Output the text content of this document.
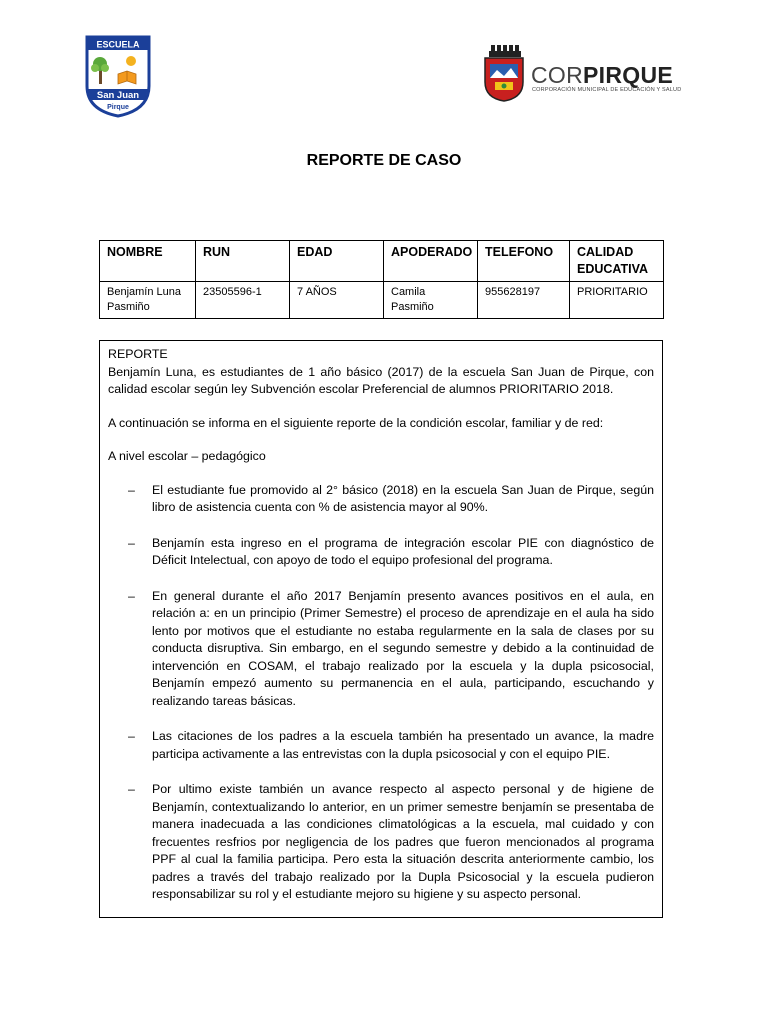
ESCUELA
San Juan
Pirque
CORPIRQUE
CORPORACIÓN MUNICIPAL DE EDUCACIÓN Y SALUD
REPORTE DE CASO
NOMBRE	RUN	EDAD	APODERADO	TELEFONO	CALIDAD EDUCATIVA
Benjamín Luna Pasmiño	23505596-1	7 AÑOS	Camila Pasmiño	955628197	PRIORITARIO

REPORTE

Benjamín Luna, es estudiantes de 1 año básico (2017) de la escuela San Juan de Pirque, con calidad escolar según ley Subvención escolar Preferencial de alumnos PRIORITARIO 2018.

A continuación se informa en el siguiente reporte de la condición escolar, familiar y de red:

A nivel escolar – pedagógico

– El estudiante fue promovido al 2° básico (2018) en la escuela San Juan de Pirque, según libro de asistencia cuenta con % de asistencia mayor al 90%.
– Benjamín esta ingreso en el programa de integración escolar PIE con diagnóstico de Déficit Intelectual, con apoyo de todo el equipo profesional del programa.
– En general durante el año 2017 Benjamín presento avances positivos en el aula, en relación a: en un principio (Primer Semestre) el proceso de aprendizaje en el aula ha sido lento por motivos que el estudiante no estaba regularmente en la sala de clases por su conducta disruptiva. Sin embargo, en el segundo semestre y debido a la continuidad de intervención en COSAM, el trabajo realizado por la escuela y la dupla psicosocial, Benjamín empezó aumento su permanencia en el aula, participando, escuchando y realizando tareas básicas.
– Las citaciones de los padres a la escuela también ha presentado un avance, la madre participa activamente a las entrevistas con la dupla psicosocial y con el equipo PIE.
– Por ultimo existe también un avance respecto al aspecto personal y de higiene de Benjamín, contextualizando lo anterior, en un primer semestre benjamín se presentaba de manera inadecuada a las condiciones climatológicas a la escuela, mal cuidado y con frecuentes resfrios por negligencia de los padres que fueron mencionados al programa PPF al cual la familia participa. Pero esta la situación descrita anteriormente cambio, los padres a través del trabajo realizado por la Dupla Psicosocial y la escuela pudieron responsabilizar su rol y el estudiante mejoro su higiene y su aspecto personal.
